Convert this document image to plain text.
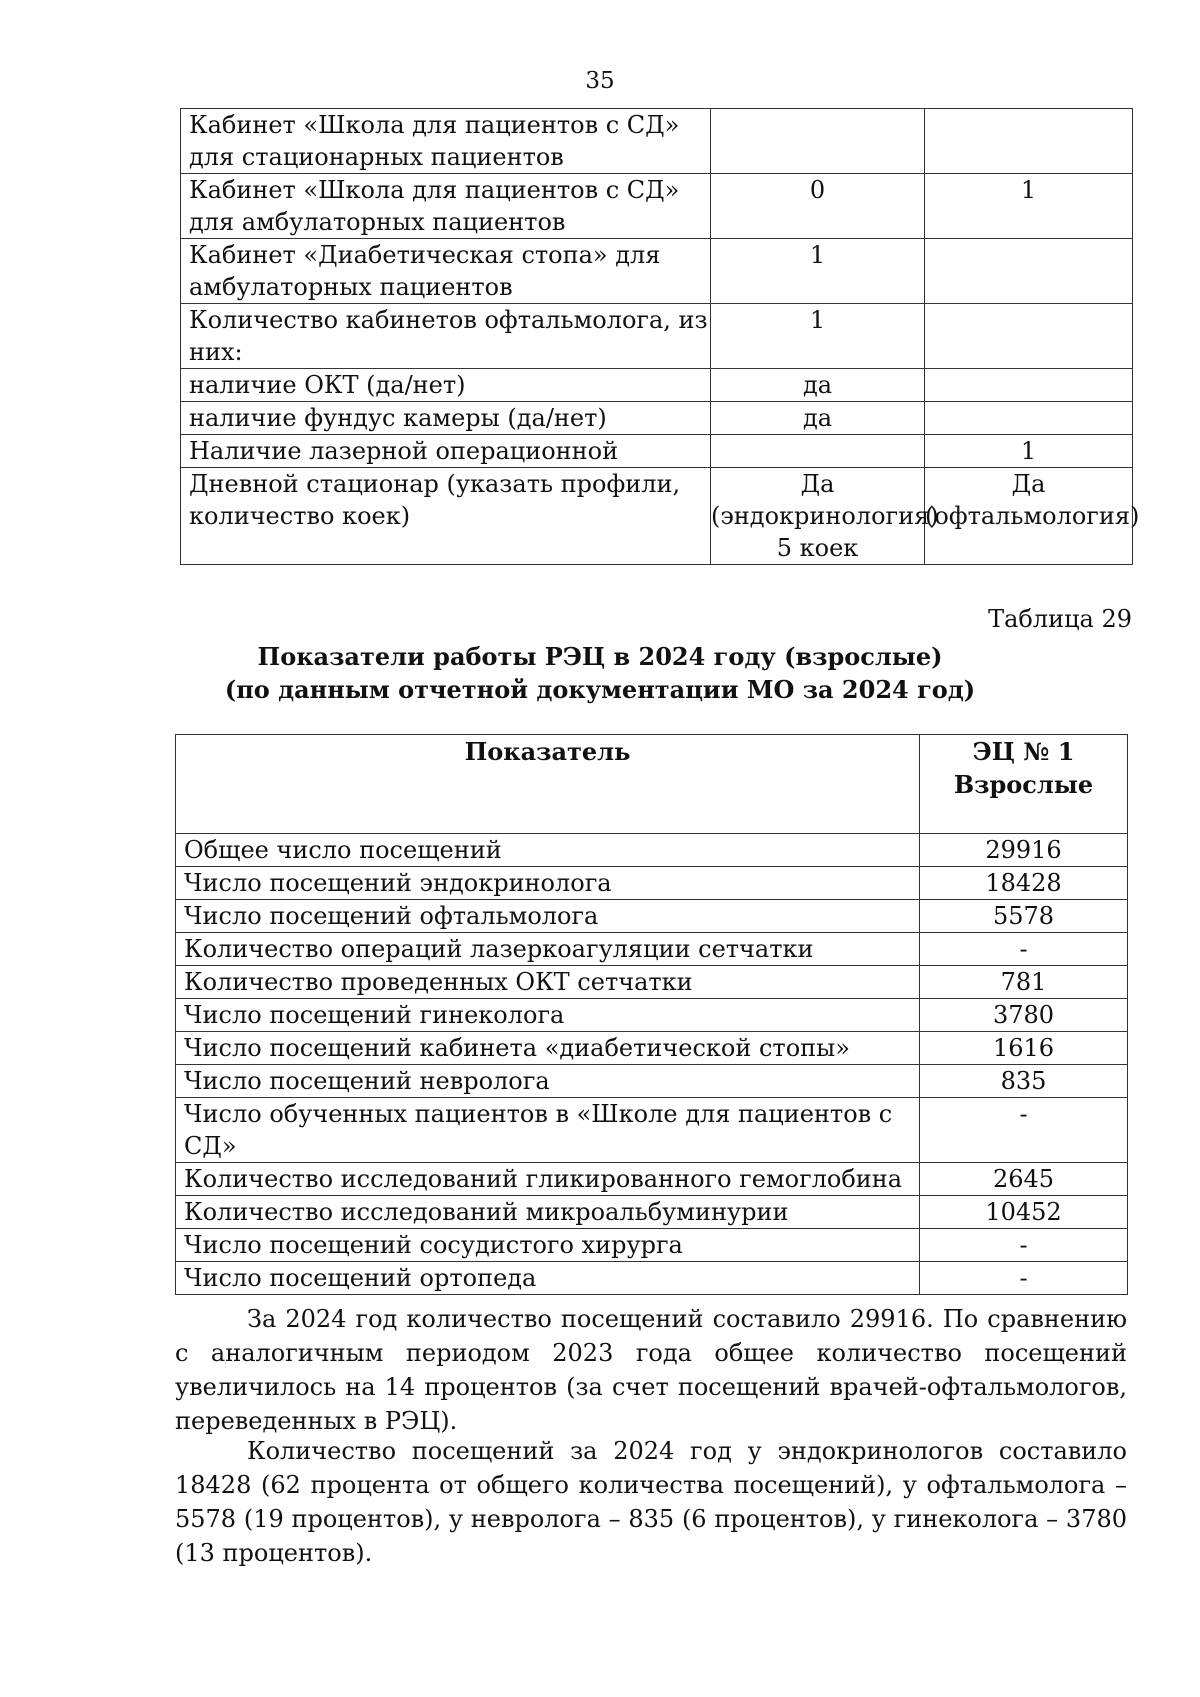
35
Кабинет «Школа для пациентов с СД» для стационарных пациентов		
Кабинет «Школа для пациентов с СД» для амбулаторных пациентов	0	1
Кабинет «Диабетическая стопа» для амбулаторных пациентов	1	
Количество кабинетов офтальмолога, из них:	1	
наличие ОКТ (да/нет)	да	
наличие фундус камеры (да/нет)	да	
Наличие лазерной операционной		1
Дневной стационар (указать профили, количество коек)	Да (эндокринология) 5 коек	Да (офтальмология)
Таблица 29
Показатели работы РЭЦ в 2024 году (взрослые)
(по данным отчетной документации МО за 2024 год)
Показатель	ЭЦ № 1 Взрослые
Общее число посещений	29916
Число посещений эндокринолога	18428
Число посещений офтальмолога	5578
Количество операций лазеркоагуляции сетчатки	-
Количество проведенных ОКТ сетчатки	781
Число посещений гинеколога	3780
Число посещений кабинета «диабетической стопы»	1616
Число посещений невролога	835
Число обученных пациентов в «Школе для пациентов с СД»	-
Количество исследований гликированного гемоглобина	2645
Количество исследований микроальбуминурии	10452
Число посещений сосудистого хирурга	-
Число посещений ортопеда	-

За 2024 год количество посещений составило 29916. По сравнению с аналогичным периодом 2023 года общее количество посещений увеличилось на 14 процентов (за счет посещений врачей-офтальмологов, переведенных в РЭЦ).

Количество посещений за 2024 год у эндокринологов составило 18428 (62 процента от общего количества посещений), у офтальмолога – 5578 (19 процентов), у невролога – 835 (6 процентов), у гинеколога – 3780 (13 процентов).
